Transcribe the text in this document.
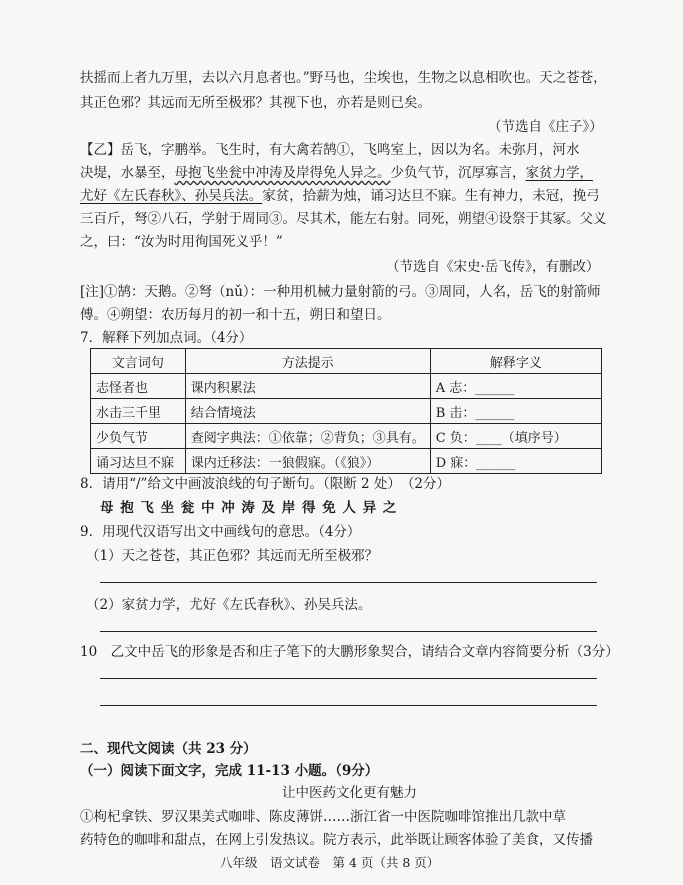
扶摇而上者九万里，去以六月息者也。”野马也，尘埃也，生物之以息相吹也。天之苍苍，
其正色邪？其远而无所至极邪？其视下也，亦若是则已矣。
（节选自《庄子》）
【乙】岳飞，字鹏举。飞生时，有大禽若鹄①，飞鸣室上，因以为名。未弥月，河水
决堤，水暴至，母抱飞坐瓮中冲涛及岸得免人异之。少负气节，沉厚寡言，家贫力学，
尤好《左氏春秋》、孙吴兵法。家贫，拾薪为烛，诵习达旦不寐。生有神力，未冠，挽弓
三百斤，弩②八石，学射于周同③。尽其术，能左右射。同死，朔望④设祭于其冢。父义
之，曰：“汝为时用徇国死义乎！”
（节选自《宋史·岳飞传》，有删改）
[注]①鹄：天鹅。②弩（nǔ）：一种用机械力量射箭的弓。③周同，人名，岳飞的射箭师
傅。④朔望：农历每月的初一和十五，朔日和望日。
7．解释下列加点词。（4分）
文言词句	方法提示	解释字义
志怪者也	课内积累法	A 志：______
水击三千里	结合情境法	B 击：______
少负气节	查阅字典法：①依靠；②背负；③具有。	C 负：____（填序号）
诵习达旦不寐	课内迁移法：一狼假寐。（《狼》）	D 寐：______
8．请用“/”给文中画波浪线的句子断句。（限断 2 处）　（2分）
母 抱 飞 坐 瓮 中 冲 涛 及 岸 得 免 人 异 之
9．用现代汉语写出文中画线句的意思。（4分）
（1）天之苍苍，其正色邪？其远而无所至极邪？
（2）家贫力学，尤好《左氏春秋》、孙吴兵法。
10　乙文中岳飞的形象是否和庄子笔下的大鹏形象契合，请结合文章内容简要分析（3分）
二、现代文阅读（共 23 分）
（一）阅读下面文字，完成 11-13 小题。（9分）
让中医药文化更有魅力
①枸杞拿铁、罗汉果美式咖啡、陈皮薄饼……浙江省一中医院咖啡馆推出几款中草
药特色的咖啡和甜点，在网上引发热议。院方表示，此举既让顾客体验了美食，又传播
八年级　语文试卷　第 4 页（共 8 页）
